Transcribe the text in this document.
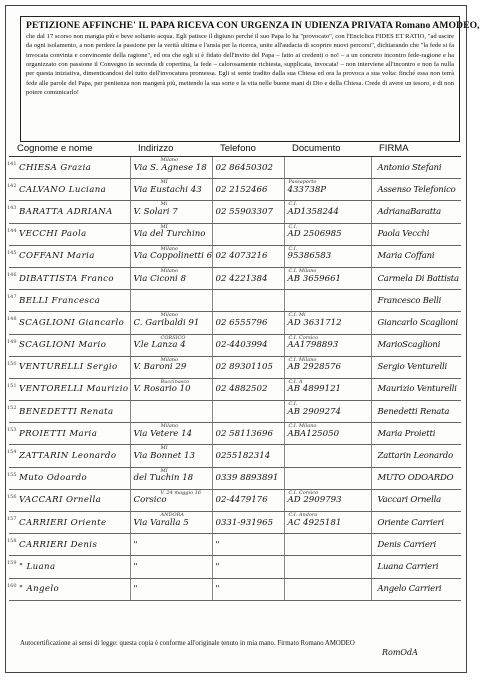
PETIZIONE AFFINCHE' IL PAPA RICEVA CON URGENZA IN UDIENZA PRIVATA Romano AMODEO,
che dal 17 scorso non mangia più e beve soltanto acqua. Egli patisce il digiuno perché il suo Papa lo ha "provocato", con l'Enciclica FIDES ET RATIO, "ad uscire da ogni isolamento, a non perdere la passione per la verità ultima e l'ansia per la ricerca, unite all'audacia di scoprire nuovi percorsi", dichiarando che "la fede si fa invocata convinta e convincente della ragione", ed ora che egli si è fidato dell'invito del Papa – fatto ai credenti o no! – a un concreto incontro fede-ragione e ha organizzato con passione il Convegno in seconda di copertina, la fede – calorosamente richiesta, supplicata, invocata! – non interviene all'incontro e non fa nulla per questa iniziativa, dimenticandosi del tutto dell'invocatura promessa. Egli si sente tradito dalla sua Chiesa ed ora la provoca a sua volta: finché essa non terrà fede alle parole del Papa, per penitenza non mangerà più, mettendo la sua sorte e la vita nelle buone mani di Dio e della Chiesa. Crede di avere un tesoro, e di non potere comunicarlo!
Cognome e nome	Indirizzo	Telefono	Documento	FIRMA

141 CHIESA Grazia	Milano
Via S. Agnese 18	02 86450302		Antonio Stefani

142 CALVANO Luciana	MI
Via Eustachi 43	02 2152466	Passaporto
433738P	Assenso Telefonico

143 BARATTA ADRIANA	Mi
V. Solari 7	02 55903307	C.I.
AD1358244	AdrianaBaratta

144 VECCHI Paola	MI
Via del Turchino		C.I.
AD 2506985	Paola Vecchi

145 COFFANI Maria	Milano
Via Coppolinetti 6	02 4073216	C.I.
95386583	Maria Coffani

146 DIBATTISTA Franco	Milano
Via Ciconi 8	02 4221384	C.I. Milano
AB 3659661	Carmela Di Battista

147 BELLI Francesca				Francesco Belli

148 SCAGLIONI Giancarlo	Milano
C. Garibaldi 91	02 6555796	C.I. Mi
AD 3631712	Giancarlo Scaglioni

149 SCAGLIONI Mario	CORSICO
V.le Lanza 4	02-4403994	C.I. Corsico
AA1798893	MarioScaglioni

150 VENTURELLI Sergio	Milano
V. Baroni 29	02 89301105	C.I. Milano
AB 2928576	Sergio Venturelli

151 VENTORELLI Maurizio	Buccinasco
V. Rosario 10	02 4882502	C.I. A
AB 4899121	Maurizio Venturelli

152 BENEDETTI Renata			C.I.
AB 2909274	Benedetti Renata

153 PROIETTI Maria	Milano
Via Vetere 14	02 58113696	C.I. Milano
ABA125050	Maria Proietti

154 ZATTARIN Leonardo	MI
Via Bonnet 13	0255182314		Zattarin Leonardo

155 Muto Odoardo	MI
del Tuchin 18	0339 8893891		MUTO ODOARDO

156 VACCARI Ornella	V. 24 maggio 16
Corsico	02-4479176	C.I. Corsico
AD 2909793	Vaccari Ornella

157 CARRIERI Oriente	ANDORA
Via Varalla 5	0331-931965	C.I. Andora
AC 4925181	Oriente Carrieri

158 CARRIERI Denis	"	"		Denis Carrieri

159 " Luana	"	"		Luana Carrieri

160 " Angelo	"	"		Angelo Carrieri
Autocertificazione ai sensi di legge: questa copia è conforme all'originale tenuto in mia mano. Firmato Romano AMODEO
RomOdA
